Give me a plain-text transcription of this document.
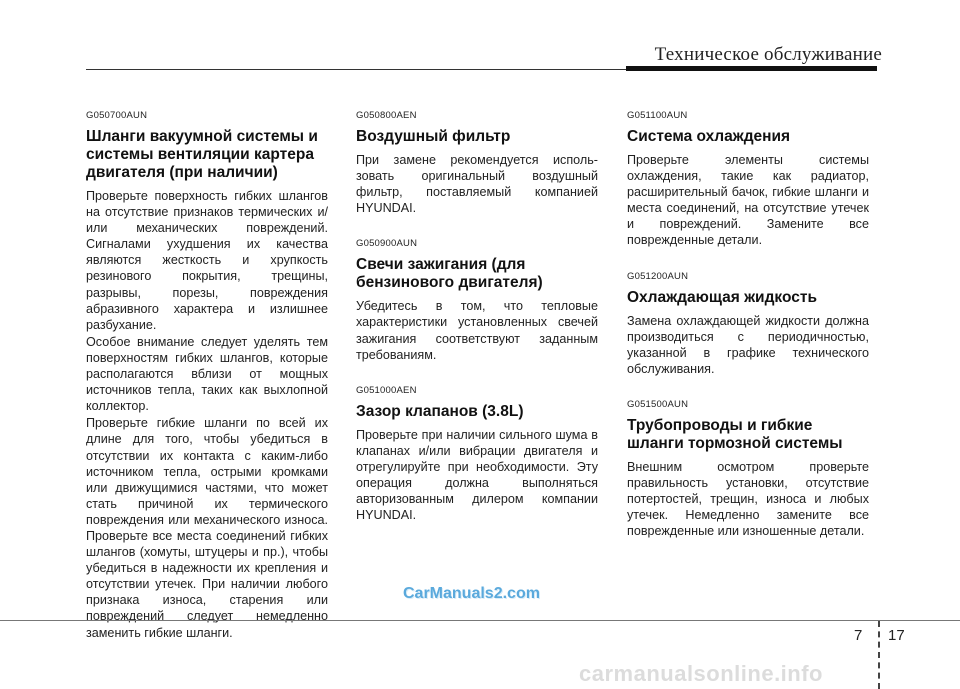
Техническое обслуживание
G050700AUN
Шланги вакуумной системы и системы вентиляции картера двигателя (при наличии)

Проверьте поверхность гибких шлангов на отсутствие признаков термических и/или механических повреждений. Сигналами ухудшения их качества являются жесткость и хрупкость резинового покрытия, трещины, разрывы, порезы, повреждения абразивного характера и излишнее разбухание.

Особое внимание следует уделять тем поверхностям гибких шлангов, которые располагаются вблизи от мощных источников тепла, таких как выхлопной коллектор.

Проверьте гибкие шланги по всей их длине для того, чтобы убедиться в отсутствии их контакта с каким-либо источником тепла, острыми кромками или движущимися частями, что может стать причиной их термического повреждения или механического износа. Проверьте все места соединений гибких шлангов (хомуты, штуцеры и пр.), чтобы убедиться в надежности их крепления и отсутствии утечек. При наличии любого признака износа, старения или повреждений следует немедленно заменить гибкие шланги.

G050800AEN
Воздушный фильтр

При замене рекомендуется исполь-зовать оригинальный воздушный фильтр, поставляемый компанией HYUNDAI.

G050900AUN
Свечи зажигания (для бензинового двигателя)

Убедитесь в том, что тепловые характеристики установленных свечей зажигания соответствуют заданным требованиям.

G051000AEN
Зазор клапанов (3.8L)

Проверьте при наличии сильного шума в клапанах и/или вибрации двигателя и отрегулируйте при необходимости. Эту операция должна выполняться авторизованным дилером компании HYUNDAI.

G051100AUN
Система охлаждения

Проверьте элементы системы охлаждения, такие как радиатор, расширительный бачок, гибкие шланги и места соединений, на отсутствие утечек и повреждений. Замените все поврежденные детали.

G051200AUN
Охлаждающая жидкость

Замена охлаждающей жидкости должна производиться с периодичностью, указанной в графике технического обслуживания.

G051500AUN
Трубопроводы и гибкие шланги тормозной системы

Внешним осмотром проверьте правильность установки, отсутствие потертостей, трещин, износа и любых утечек. Немедленно замените все поврежденные или изношенные детали.

CarManuals2.com
7 17
carmanualsonline.info
